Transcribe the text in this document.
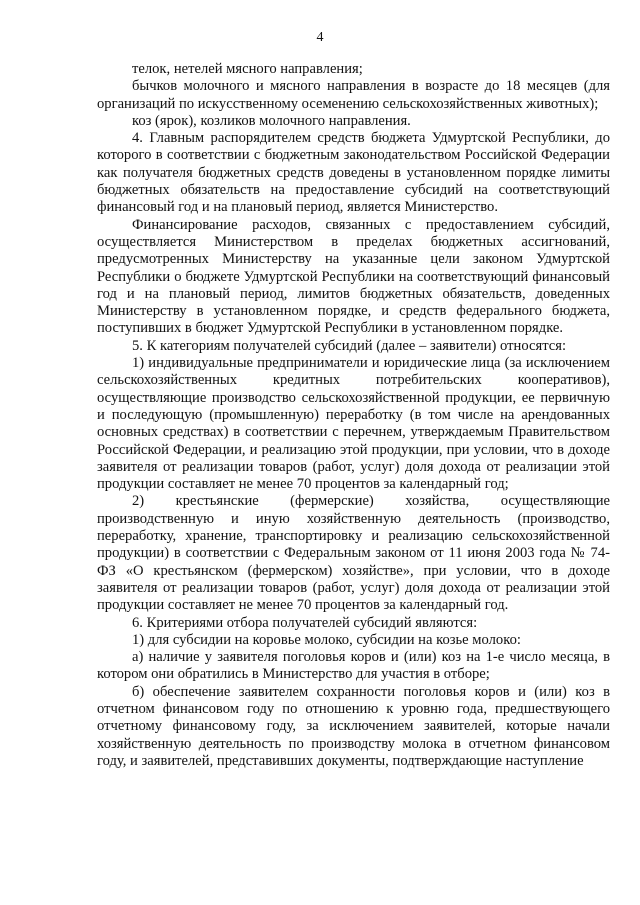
4

телок, нетелей мясного направления;

бычков молочного и мясного направления в возрасте до 18 месяцев (для организаций по искусственному осеменению сельскохозяйственных животных);

коз (ярок), козликов молочного направления.

4. Главным распорядителем средств бюджета Удмуртской Республики, до которого в соответствии с бюджетным законодательством Российской Федерации как получателя бюджетных средств доведены в установленном порядке лимиты бюджетных обязательств на предоставление субсидий на соответствующий финансовый год и на плановый период, является Министерство.

Финансирование расходов, связанных с предоставлением субсидий, осуществляется Министерством в пределах бюджетных ассигнований, предусмотренных Министерству на указанные цели законом Удмуртской Республики о бюджете Удмуртской Республики на соответствующий финансовый год и на плановый период, лимитов бюджетных обязательств, доведенных Министерству в установленном порядке, и средств федерального бюджета, поступивших в бюджет Удмуртской Республики в установленном порядке.

5. К категориям получателей субсидий (далее – заявители) относятся:

1) индивидуальные предприниматели и юридические лица (за исключением сельскохозяйственных кредитных потребительских кооперативов), осуществляющие производство сельскохозяйственной продукции, ее первичную и последующую (промышленную) переработку (в том числе на арендованных основных средствах) в соответствии с перечнем, утверждаемым Правительством Российской Федерации, и реализацию этой продукции, при условии, что в доходе заявителя от реализации товаров (работ, услуг) доля дохода от реализации этой продукции составляет не менее 70 процентов за календарный год;

2) крестьянские (фермерские) хозяйства, осуществляющие производственную и иную хозяйственную деятельность (производство, переработку, хранение, транспортировку и реализацию сельскохозяйственной продукции) в соответствии с Федеральным законом от 11 июня 2003 года № 74-ФЗ «О крестьянском (фермерском) хозяйстве», при условии, что в доходе заявителя от реализации товаров (работ, услуг) доля дохода от реализации этой продукции составляет не менее 70 процентов за календарный год.

6. Критериями отбора получателей субсидий являются:

1) для субсидии на коровье молоко, субсидии на козье молоко:

а) наличие у заявителя поголовья коров и (или) коз на 1-е число месяца, в котором они обратились в Министерство для участия в отборе;

б) обеспечение заявителем сохранности поголовья коров и (или) коз в отчетном финансовом году по отношению к уровню года, предшествующего отчетному финансовому году, за исключением заявителей, которые начали хозяйственную деятельность по производству молока в отчетном финансовом году, и заявителей, представивших документы, подтверждающие наступление
